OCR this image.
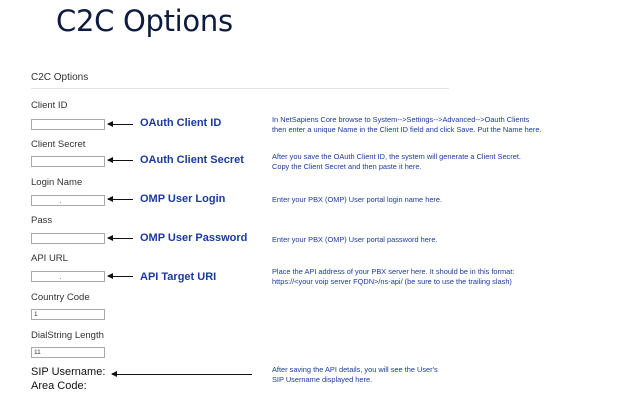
C2C Options
C2C Options
Client ID
OAuth Client ID	In NetSapiens Core browse to System-->Settings-->Advanced-->Oauth Clients
then enter a unique Name in the Client ID field and click Save. Put the Name here.
Client Secret
OAuth Client Secret	After you save the OAuth Client ID, the system will generate a Client Secret.
Copy the Client Secret and then paste it here.
Login Name
OMP User Login	Enter your PBX (OMP) User portal login name here.
Pass
OMP User Password	Enter your PBX (OMP) User portal password here.
API URL
API Target URI	Place the API address of your PBX server here. It should be in this format:
https://<your voip server FQDN>/ns-api/ (be sure to use the trailing slash)
Country Code
1
DialString Length
11
SIP Username:
Area Code:
After saving the API details, you will see the User's
SIP Username displayed here.
